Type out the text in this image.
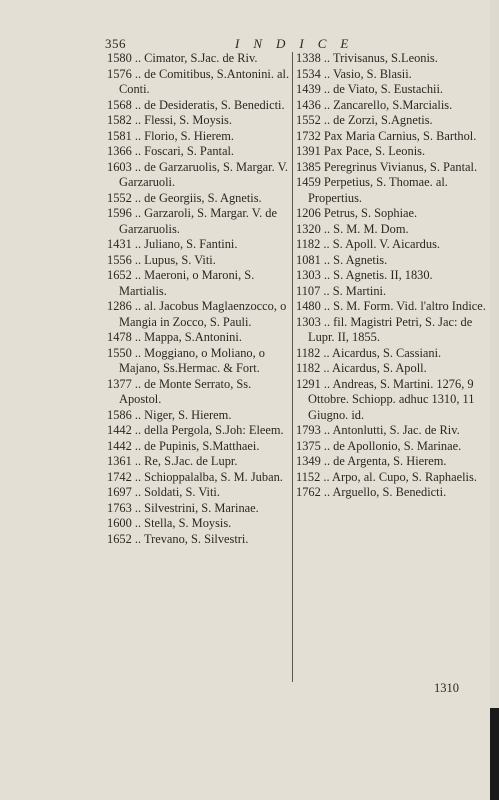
356	INDICE
1580 .. Cimator, S.Jac. de Riv.
1576 .. de Comitibus, S.Antonini. al. Conti.
1568 .. de Desideratis, S. Benedicti.
1582 .. Flessi, S. Moysis.
1581 .. Florio, S. Hierem.
1366 .. Foscari, S. Pantal.
1603 .. de Garzaruolis, S. Margar. V. Garzaruoli.
1552 .. de Georgiis, S. Agnetis.
1596 .. Garzaroli, S. Margar. V. de Garzaruolis.
1431 .. Juliano, S. Fantini.
1556 .. Lupus, S. Viti.
1652 .. Maeroni, o Maroni, S. Martialis.
1286 .. al. Jacobus Maglaenzocco, o Mangia in Zocco, S. Pauli.
1478 .. Mappa, S.Antonini.
1550 .. Moggiano, o Moliano, o Majano, Ss.Hermac. & Fort.
1377 .. de Monte Serrato, Ss. Apostol.
1586 .. Niger, S. Hierem.
1442 .. della Pergola, S.Joh: Eleem.
1442 .. de Pupinis, S.Matthaei.
1361 .. Re, S.Jac. de Lupr.
1742 .. Schioppalalba, S. M. Juban.
1697 .. Soldati, S. Viti.
1763 .. Silvestrini, S. Marinae.
1600 .. Stella, S. Moysis.
1652 .. Trevano, S. Silvestri.
1338 .. Trivisanus, S.Leonis.
1534 .. Vasio, S. Blasii.
1439 .. de Viato, S. Eustachii.
1436 .. Zancarello, S.Marcialis.
1552 .. de Zorzi, S.Agnetis.
1732 Pax Maria Carnius, S. Barthol.
1391 Pax Pace, S. Leonis.
1385 Peregrinus Vivianus, S. Pantal.
1459 Perpetius, S. Thomae. al. Propertius.
1206 Petrus, S. Sophiae.
1320 .. S. M. M. Dom.
1182 .. S. Apoll. V. Aicardus.
1081 .. S. Agnetis.
1303 .. S. Agnetis. II, 1830.
1107 .. S. Martini.
1480 .. S. M. Form. Vid. l'altro Indice.
1303 .. fil. Magistri Petri, S. Jac: de Lupr. II, 1855.
1182 .. Aicardus, S. Cassiani.
1182 .. Aicardus, S. Apoll.
1291 .. Andreas, S. Martini. 1276, 9 Ottobre. Schiopp. adhuc 1310, 11 Giugno. id.
1793 .. Antonlutti, S. Jac. de Riv.
1375 .. de Apollonio, S. Marinae.
1349 .. de Argenta, S. Hierem.
1152 .. Arpo, al. Cupo, S. Raphaelis.
1762 .. Arguello, S. Benedicti.
1310
